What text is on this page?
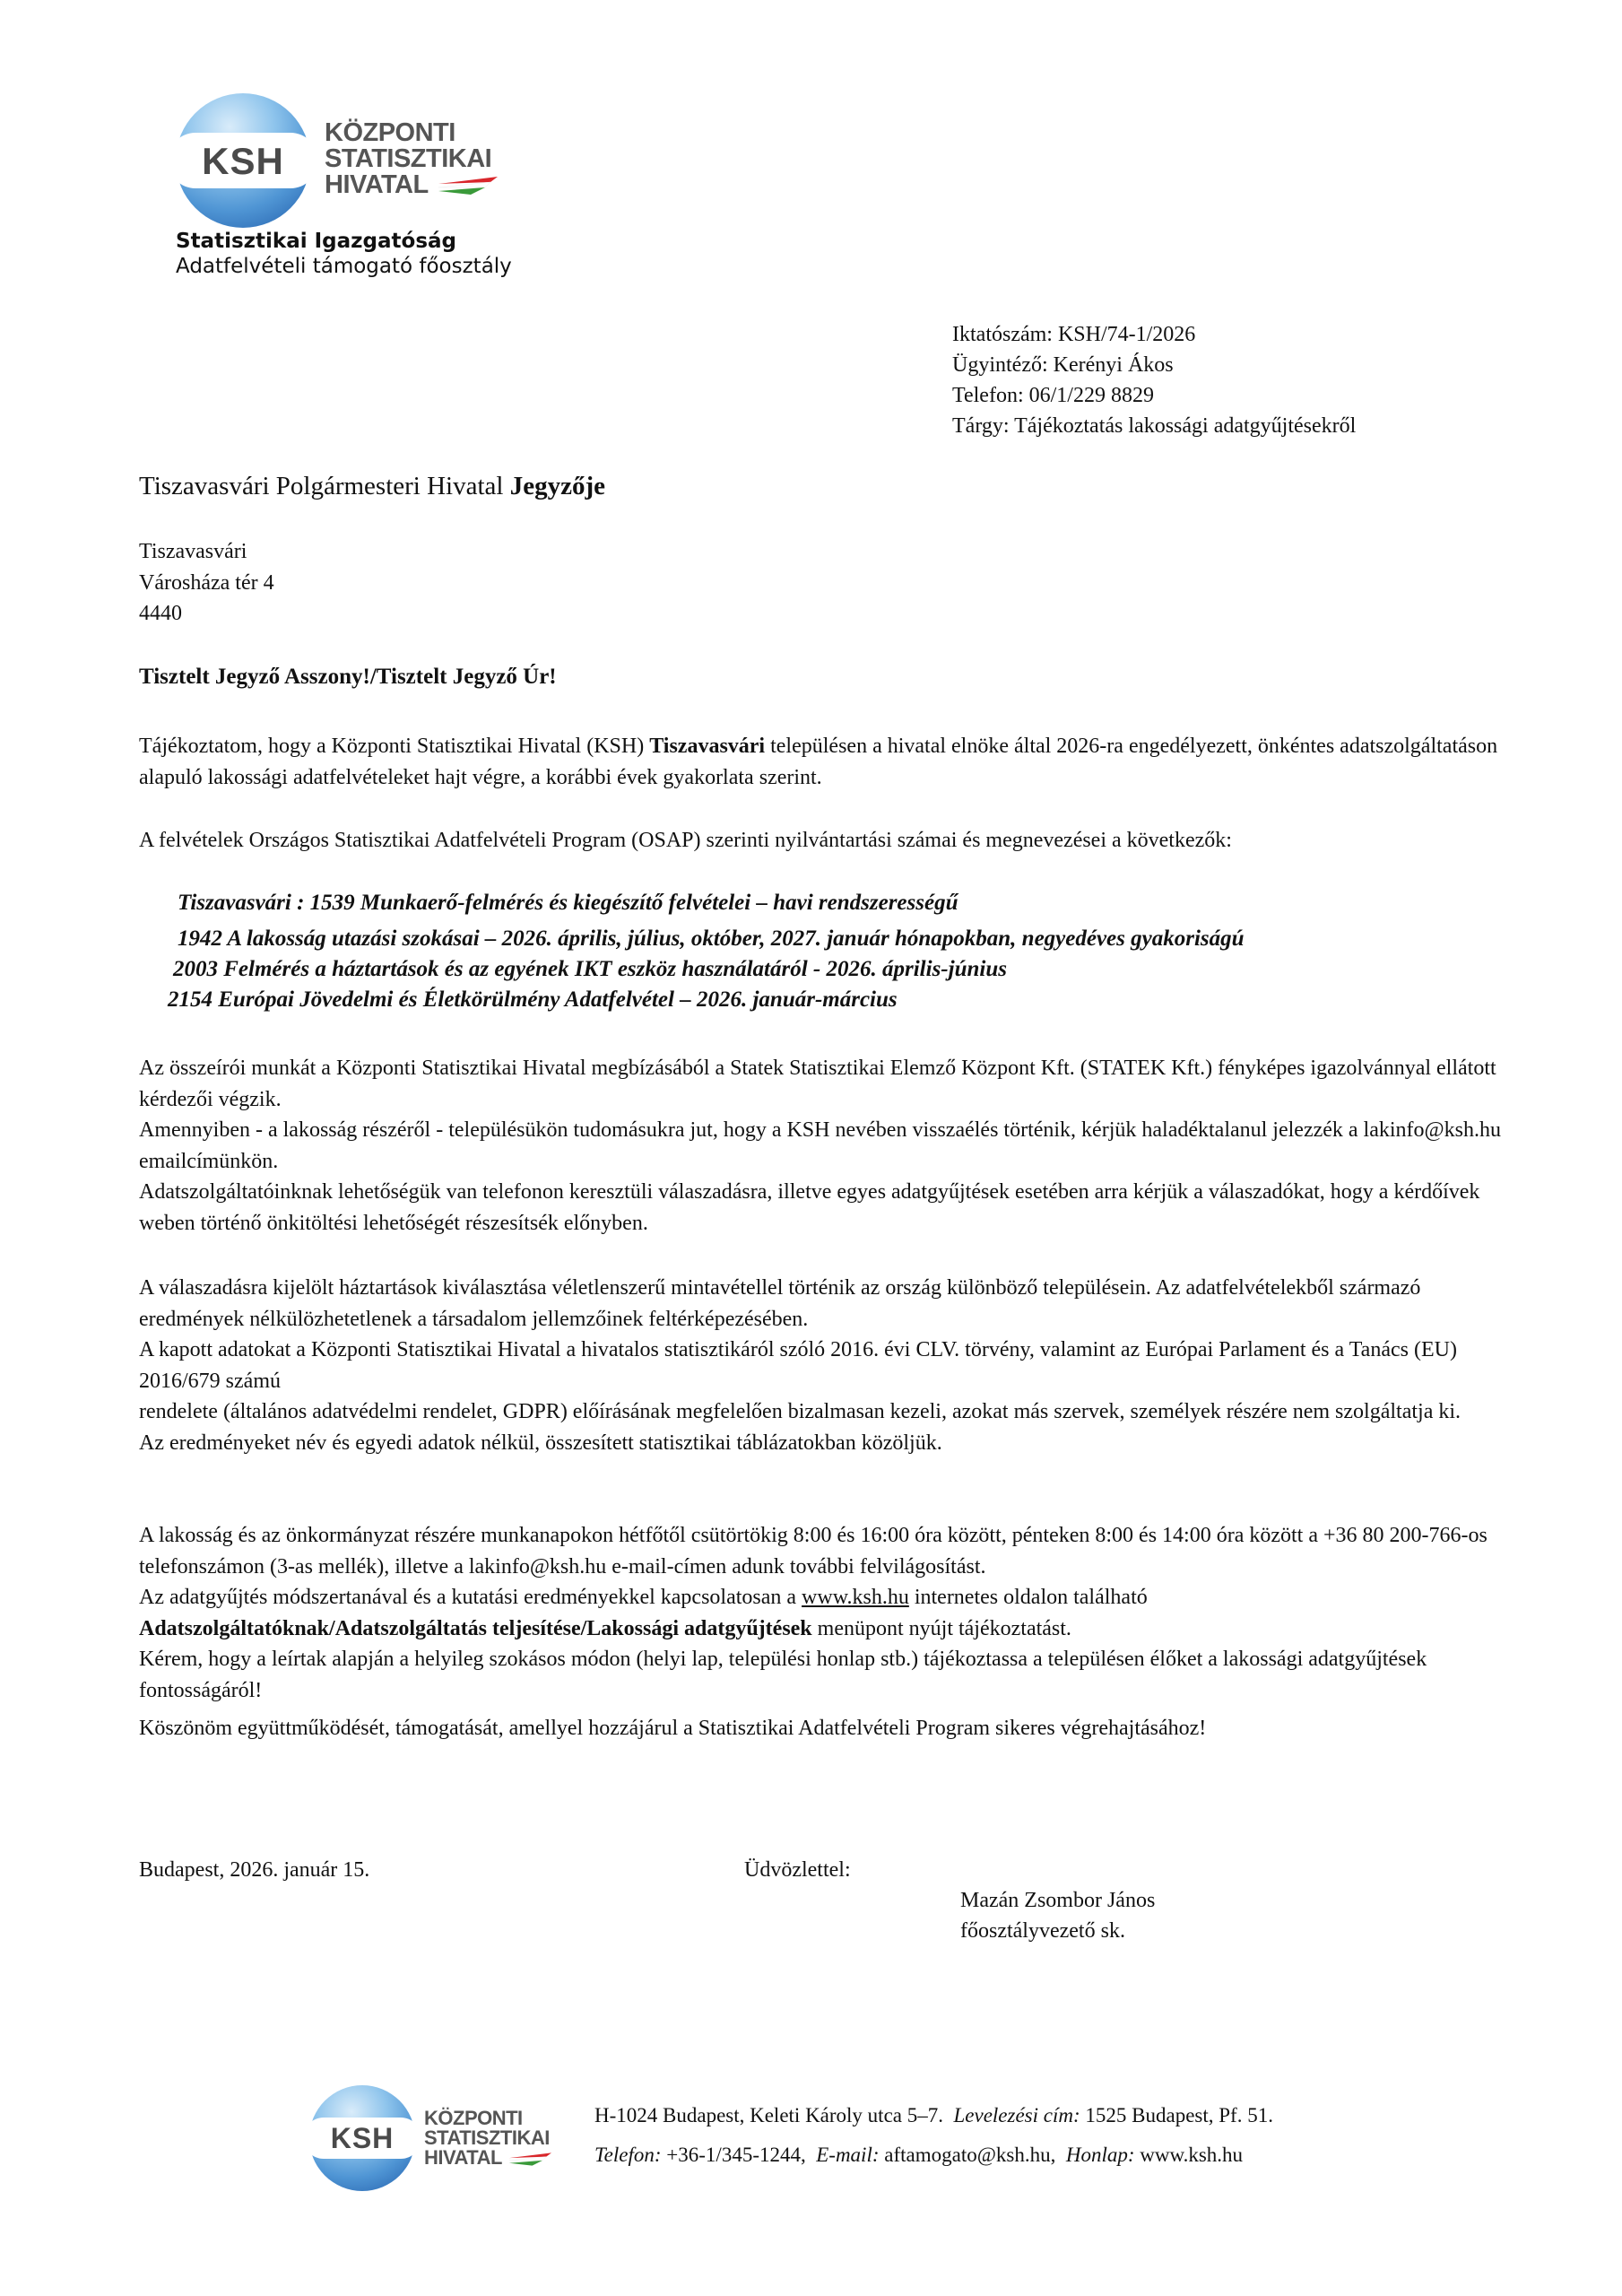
KSH
KÖZPONTI
STATISZTIKAI
HIVATAL
Statisztikai Igazgatóság
Adatfelvételi támogató főosztály
Iktatószám: KSH/74-1/2026
Ügyintéző: Kerényi Ákos
Telefon: 06/1/229 8829
Tárgy: Tájékoztatás lakossági adatgyűjtésekről
Tiszavasvári Polgármesteri Hivatal Jegyzője
Tiszavasvári
Városháza tér 4
4440
Tisztelt Jegyző Asszony!/Tisztelt Jegyző Úr!
Tájékoztatom, hogy a Központi Statisztikai Hivatal (KSH) Tiszavasvári településen a hivatal elnöke által 2026-ra engedélyezett, önkéntes adatszolgáltatáson alapuló lakossági adatfelvételeket hajt végre, a korábbi évek gyakorlata szerint.
A felvételek Országos Statisztikai Adatfelvételi Program (OSAP) szerinti nyilvántartási számai és megnevezései a következők:
Tiszavasvári : 1539 Munkaerő-felmérés és kiegészítő felvételei – havi rendszerességű
1942 A lakosság utazási szokásai – 2026. április, július, október, 2027. január hónapokban, negyedéves gyakoriságú
2003 Felmérés a háztartások és az egyének IKT eszköz használatáról - 2026. április-június
2154 Európai Jövedelmi és Életkörülmény Adatfelvétel – 2026. január-március
Az összeírói munkát a Központi Statisztikai Hivatal megbízásából a Statek Statisztikai Elemző Központ Kft. (STATEK Kft.) fényképes igazolvánnyal ellátott kérdezői végzik.
Amennyiben - a lakosság részéről - településükön tudomásukra jut, hogy a KSH nevében visszaélés történik, kérjük haladéktalanul jelezzék a lakinfo@ksh.hu emailcímünkön.
Adatszolgáltatóinknak lehetőségük van telefonon keresztüli válaszadásra, illetve egyes adatgyűjtések esetében arra kérjük a válaszadókat, hogy a kérdőívek weben történő önkitöltési lehetőségét részesítsék előnyben.
A válaszadásra kijelölt háztartások kiválasztása véletlenszerű mintavétellel történik az ország különböző településein. Az adatfelvételekből származó eredmények nélkülözhetetlenek a társadalom jellemzőinek feltérképezésében.
A kapott adatokat a Központi Statisztikai Hivatal a hivatalos statisztikáról szóló 2016. évi CLV. törvény, valamint az Európai Parlament és a Tanács (EU) 2016/679 számú
rendelete (általános adatvédelmi rendelet, GDPR) előírásának megfelelően bizalmasan kezeli, azokat más szervek, személyek részére nem szolgáltatja ki.
Az eredményeket név és egyedi adatok nélkül, összesített statisztikai táblázatokban közöljük.
A lakosság és az önkormányzat részére munkanapokon hétfőtől csütörtökig 8:00 és 16:00 óra között, pénteken 8:00 és 14:00 óra között a +36 80 200-766-os telefonszámon (3-as mellék), illetve a lakinfo@ksh.hu e-mail-címen adunk további felvilágosítást.
Az adatgyűjtés módszertanával és a kutatási eredményekkel kapcsolatosan a www.ksh.hu internetes oldalon található
Adatszolgáltatóknak/Adatszolgáltatás teljesítése/Lakossági adatgyűjtések menüpont nyújt tájékoztatást.
Kérem, hogy a leírtak alapján a helyileg szokásos módon (helyi lap, települési honlap stb.) tájékoztassa a településen élőket a lakossági adatgyűjtések fontosságáról!
Köszönöm együttműködését, támogatását, amellyel hozzájárul a Statisztikai Adatfelvételi Program sikeres végrehajtásához!
Budapest, 2026. január 15.	Üdvözlettel:
Mazán Zsombor János
főosztályvezető sk.
KSH
KÖZPONTI
STATISZTIKAI
HIVATAL
H-1024 Budapest, Keleti Károly utca 5–7. Levelezési cím: 1525 Budapest, Pf. 51.
Telefon: +36-1/345-1244, E-mail: aftamogato@ksh.hu, Honlap: www.ksh.hu
